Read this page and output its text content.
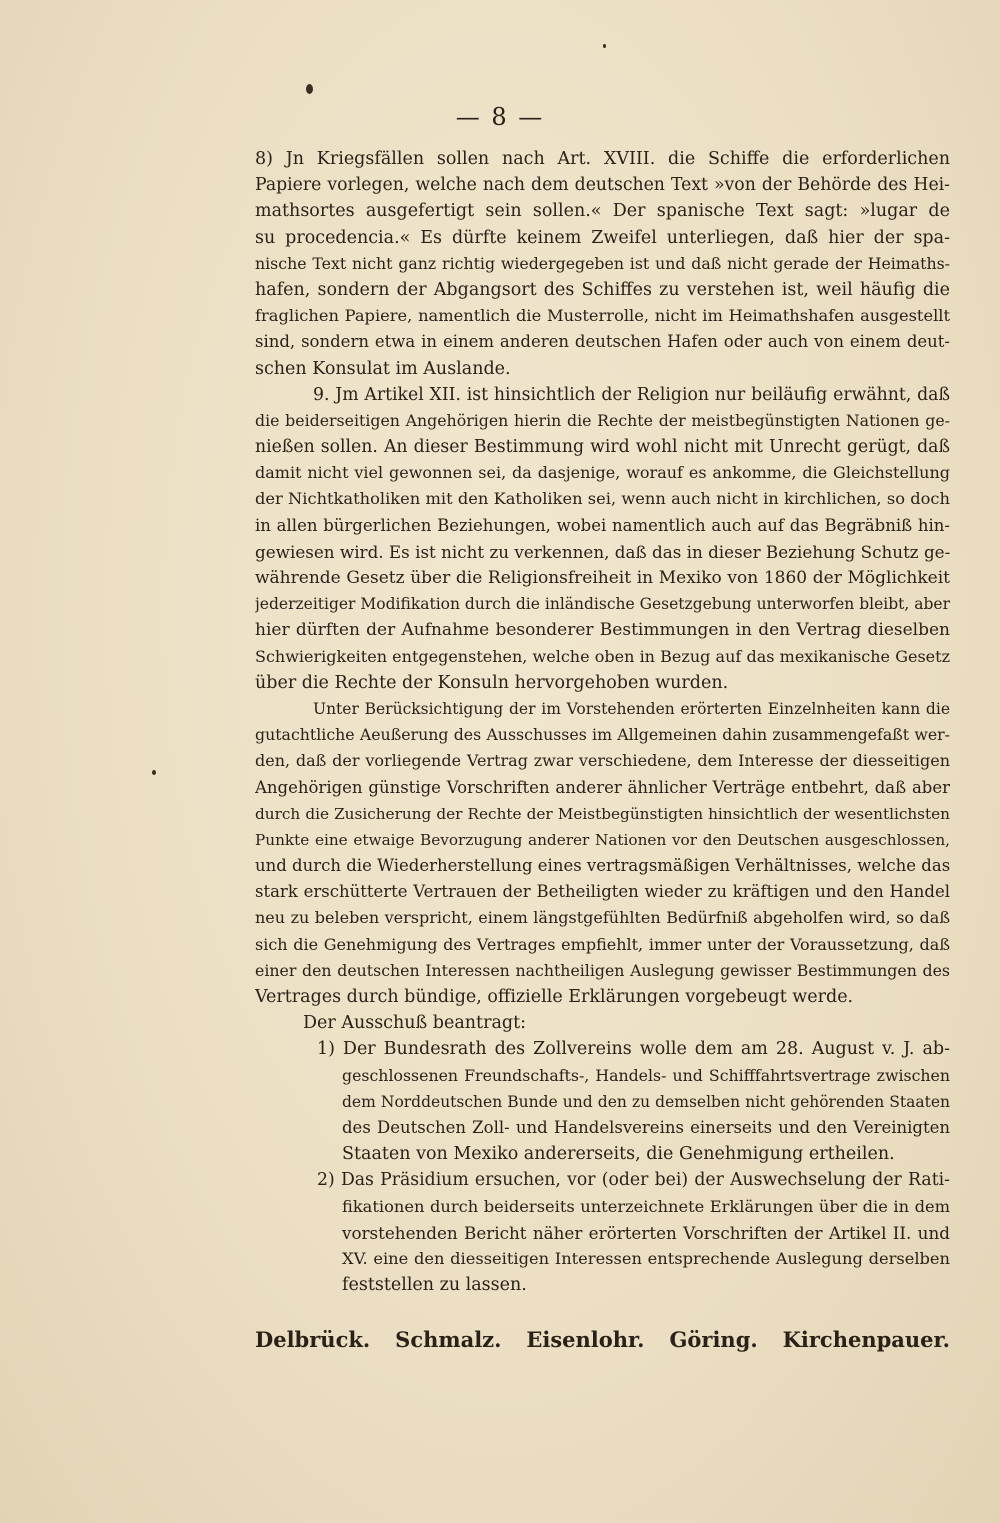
— 8 —
8) Jn Kriegsfällen sollen nach Art. XVIII. die Schiffe die erforderlichen
Papiere vorlegen, welche nach dem deutschen Text »von der Behörde des Hei-
mathsortes ausgefertigt sein sollen.« Der spanische Text sagt: »lugar de
su procedencia.« Es dürfte keinem Zweifel unterliegen, daß hier der spa-
nische Text nicht ganz richtig wiedergegeben ist und daß nicht gerade der Heimaths-
hafen, sondern der Abgangsort des Schiffes zu verstehen ist, weil häufig die
fraglichen Papiere, namentlich die Musterrolle, nicht im Heimathshafen ausgestellt
sind, sondern etwa in einem anderen deutschen Hafen oder auch von einem deut-
schen Konsulat im Auslande.
9. Jm Artikel XII. ist hinsichtlich der Religion nur beiläufig erwähnt, daß
die beiderseitigen Angehörigen hierin die Rechte der meistbegünstigten Nationen ge-
nießen sollen. An dieser Bestimmung wird wohl nicht mit Unrecht gerügt, daß
damit nicht viel gewonnen sei, da dasjenige, worauf es ankomme, die Gleichstellung
der Nichtkatholiken mit den Katholiken sei, wenn auch nicht in kirchlichen, so doch
in allen bürgerlichen Beziehungen, wobei namentlich auch auf das Begräbniß hin-
gewiesen wird. Es ist nicht zu verkennen, daß das in dieser Beziehung Schutz ge-
währende Gesetz über die Religionsfreiheit in Mexiko von 1860 der Möglichkeit
jederzeitiger Modifikation durch die inländische Gesetzgebung unterworfen bleibt, aber
hier dürften der Aufnahme besonderer Bestimmungen in den Vertrag dieselben
Schwierigkeiten entgegenstehen, welche oben in Bezug auf das mexikanische Gesetz
über die Rechte der Konsuln hervorgehoben wurden.
Unter Berücksichtigung der im Vorstehenden erörterten Einzelnheiten kann die
gutachtliche Aeußerung des Ausschusses im Allgemeinen dahin zusammengefaßt wer-
den, daß der vorliegende Vertrag zwar verschiedene, dem Interesse der diesseitigen
Angehörigen günstige Vorschriften anderer ähnlicher Verträge entbehrt, daß aber
durch die Zusicherung der Rechte der Meistbegünstigten hinsichtlich der wesentlichsten
Punkte eine etwaige Bevorzugung anderer Nationen vor den Deutschen ausgeschlossen,
und durch die Wiederherstellung eines vertragsmäßigen Verhältnisses, welche das
stark erschütterte Vertrauen der Betheiligten wieder zu kräftigen und den Handel
neu zu beleben verspricht, einem längstgefühlten Bedürfniß abgeholfen wird, so daß
sich die Genehmigung des Vertrages empfiehlt, immer unter der Voraussetzung, daß
einer den deutschen Interessen nachtheiligen Auslegung gewisser Bestimmungen des
Vertrages durch bündige, offizielle Erklärungen vorgebeugt werde.
Der Ausschuß beantragt:
1) Der Bundesrath des Zollvereins wolle dem am 28. August v. J. ab-
geschlossenen Freundschafts-, Handels- und Schifffahrtsvertrage zwischen
dem Norddeutschen Bunde und den zu demselben nicht gehörenden Staaten
des Deutschen Zoll- und Handelsvereins einerseits und den Vereinigten
Staaten von Mexiko andererseits, die Genehmigung ertheilen.
2) Das Präsidium ersuchen, vor (oder bei) der Auswechselung der Rati-
fikationen durch beiderseits unterzeichnete Erklärungen über die in dem
vorstehenden Bericht näher erörterten Vorschriften der Artikel II. und
XV. eine den diesseitigen Interessen entsprechende Auslegung derselben
feststellen zu lassen.
Delbrück. Schmalz. Eisenlohr. Göring. Kirchenpauer.
